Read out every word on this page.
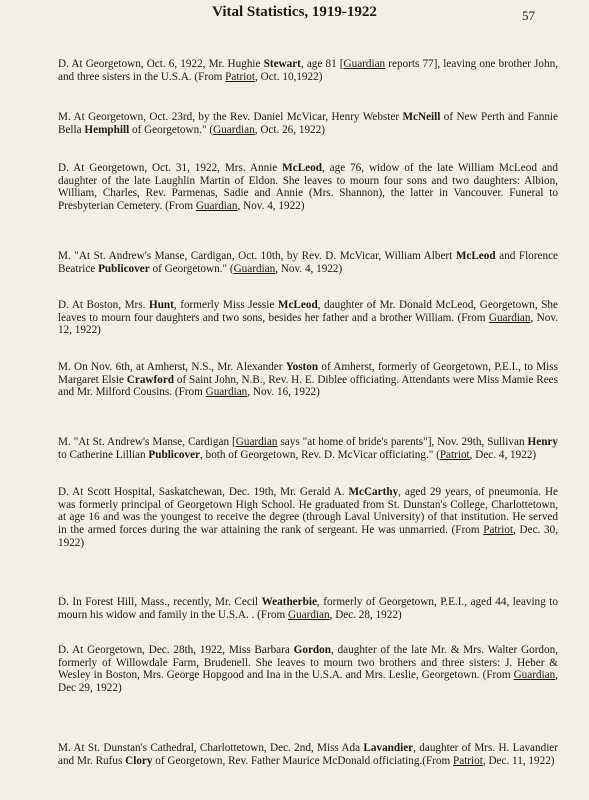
Vital Statistics, 1919-1922	57

D. At Georgetown, Oct. 6, 1922, Mr. Hughie Stewart, age 81 [Guardian reports 77], leaving one brother John, and three sisters in the U.S.A. (From Patriot, Oct. 10,1922)

M. At Georgetown, Oct. 23rd, by the Rev. Daniel McVicar, Henry Webster McNeill of New Perth and Fannie Bella Hemphill of Georgetown." (Guardian, Oct. 26, 1922)

D. At Georgetown, Oct. 31, 1922, Mrs. Annie McLeod, age 76, widow of the late William McLeod and daughter of the late Laughlin Martin of Eldon. She leaves to mourn four sons and two daughters: Albion, William, Charles, Rev. Parmenas, Sadie and Annie (Mrs. Shannon), the latter in Vancouver. Funeral to Presbyterian Cemetery. (From Guardian, Nov. 4, 1922)

M. "At St. Andrew's Manse, Cardigan, Oct. 10th, by Rev. D. McVicar, William Albert McLeod and Florence Beatrice Publicover of Georgetown." (Guardian, Nov. 4, 1922)

D. At Boston, Mrs. Hunt, formerly Miss Jessie McLeod, daughter of Mr. Donald McLeod, Georgetown, She leaves to mourn four daughters and two sons, besides her father and a brother William. (From Guardian, Nov. 12, 1922)

M. On Nov. 6th, at Amherst, N.S., Mr. Alexander Yoston of Amherst, formerly of Georgetown, P.E.I., to Miss Margaret Elsie Crawford of Saint John, N.B., Rev. H. E. Diblee officiating. Attendants were Miss Mamie Rees and Mr. Milford Cousins. (From Guardian, Nov. 16, 1922)

M. "At St. Andrew's Manse, Cardigan [Guardian says "at home of bride's parents"], Nov. 29th, Sullivan Henry to Catherine Lillian Publicover, both of Georgetown, Rev. D. McVicar officiating." (Patriot, Dec. 4, 1922)

D. At Scott Hospital, Saskatchewan, Dec. 19th, Mr. Gerald A. McCarthy, aged 29 years, of pneumonia. He was formerly principal of Georgetown High School. He graduated from St. Dunstan's College, Charlottetown, at age 16 and was the youngest to receive the degree (through Laval University) of that institution. He served in the armed forces during the war attaining the rank of sergeant. He was unmarried. (From Patriot, Dec. 30, 1922)

D. In Forest Hill, Mass., recently, Mr. Cecil Weatherbie, formerly of Georgetown, P.E.I., aged 44, leaving to mourn his widow and family in the U.S.A. . (From Guardian, Dec. 28, 1922)

D. At Georgetown, Dec. 28th, 1922, Miss Barbara Gordon, daughter of the late Mr. & Mrs. Walter Gordon, formerly of Willowdale Farm, Brudenell. She leaves to mourn two brothers and three sisters: J. Heber & Wesley in Boston, Mrs. George Hopgood and Ina in the U.S.A. and Mrs. Leslie, Georgetown. (From Guardian, Dec 29, 1922)

M. At St. Dunstan's Cathedral, Charlottetown, Dec. 2nd, Miss Ada Lavandier, daughter of Mrs. H. Lavandier and Mr. Rufus Clory of Georgetown, Rev. Father Maurice McDonald officiating.(From Patriot, Dec. 11, 1922)
